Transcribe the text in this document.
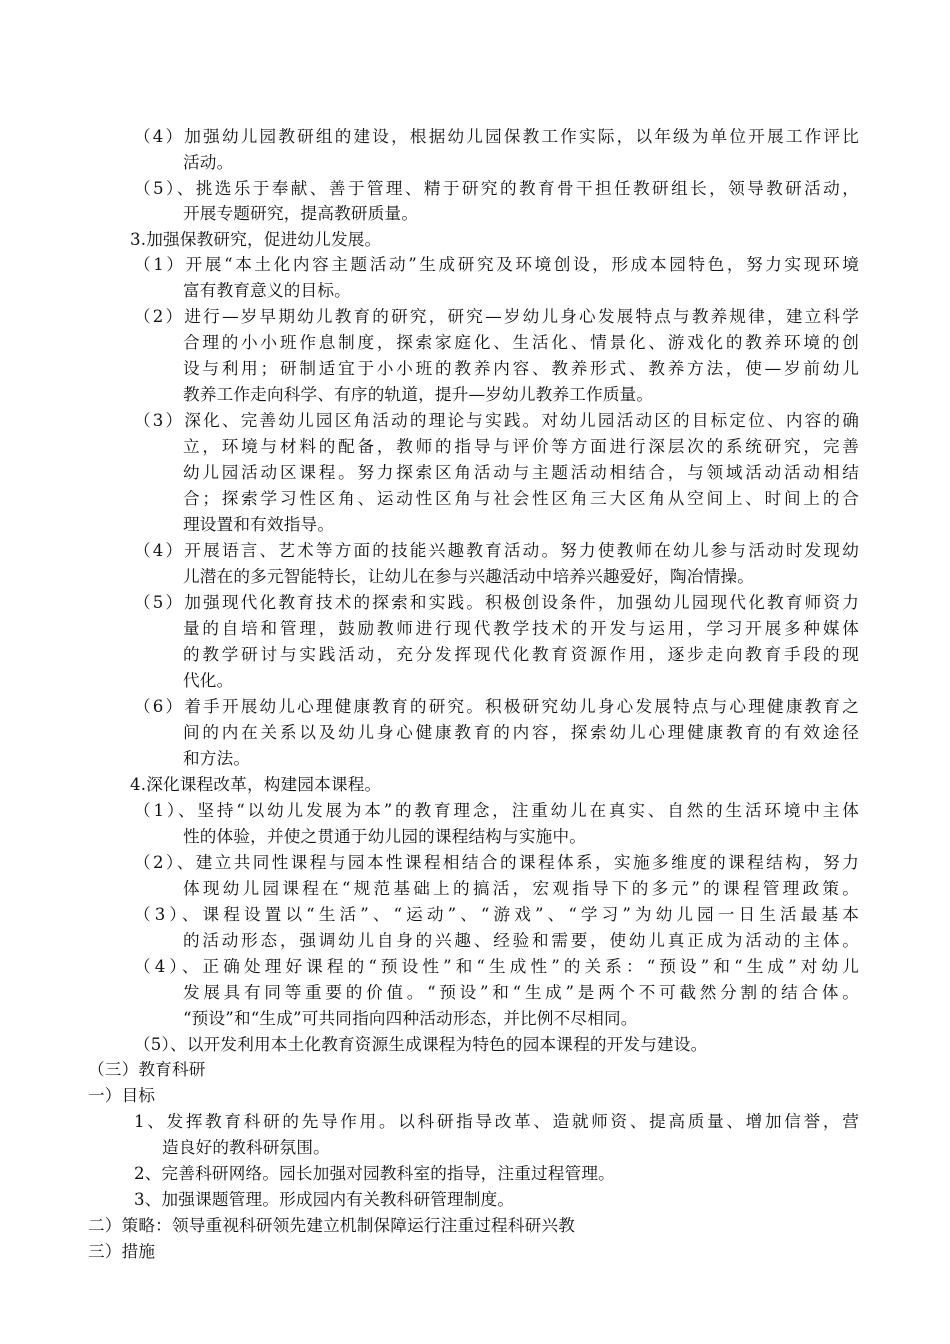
（4）加强幼儿园教研组的建设，根据幼儿园保教工作实际，以年级为单位开展工作评比
活动。
（5）、挑选乐于奉献、善于管理、精于研究的教育骨干担任教研组长，领导教研活动，
开展专题研究，提高教研质量。
3.加强保教研究，促进幼儿发展。
（1）开展“本土化内容主题活动”生成研究及环境创设，形成本园特色，努力实现环境
富有教育意义的目标。
（2）进行—岁早期幼儿教育的研究，研究—岁幼儿身心发展特点与教养规律，建立科学
合理的小小班作息制度，探索家庭化、生活化、情景化、游戏化的教养环境的创
设与利用；研制适宜于小小班的教养内容、教养形式、教养方法，使—岁前幼儿
教养工作走向科学、有序的轨道，提升—岁幼儿教养工作质量。
（3）深化、完善幼儿园区角活动的理论与实践。对幼儿园活动区的目标定位、内容的确
立，环境与材料的配备，教师的指导与评价等方面进行深层次的系统研究，完善
幼儿园活动区课程。努力探索区角活动与主题活动相结合，与领域活动活动相结
合；探索学习性区角、运动性区角与社会性区角三大区角从空间上、时间上的合
理设置和有效指导。
（4）开展语言、艺术等方面的技能兴趣教育活动。努力使教师在幼儿参与活动时发现幼
儿潜在的多元智能特长，让幼儿在参与兴趣活动中培养兴趣爱好，陶冶情操。
（5）加强现代化教育技术的探索和实践。积极创设条件，加强幼儿园现代化教育师资力
量的自培和管理，鼓励教师进行现代教学技术的开发与运用，学习开展多种媒体
的教学研讨与实践活动，充分发挥现代化教育资源作用，逐步走向教育手段的现
代化。
（6）着手开展幼儿心理健康教育的研究。积极研究幼儿身心发展特点与心理健康教育之
间的内在关系以及幼儿身心健康教育的内容，探索幼儿心理健康教育的有效途径
和方法。
4.深化课程改革，构建园本课程。
（1）、坚持“以幼儿发展为本”的教育理念，注重幼儿在真实、自然的生活环境中主体
性的体验，并使之贯通于幼儿园的课程结构与实施中。
（2）、建立共同性课程与园本性课程相结合的课程体系，实施多维度的课程结构，努力
体现幼儿园课程在“规范基础上的搞活，宏观指导下的多元”的课程管理政策。
（3）、课程设置以“生活”、“运动”、“游戏”、“学习”为幼儿园一日生活最基本
的活动形态，强调幼儿自身的兴趣、经验和需要，使幼儿真正成为活动的主体。
（4）、正确处理好课程的“预设性”和“生成性”的关系：“预设”和“生成”对幼儿
发展具有同等重要的价值。“预设”和“生成”是两个不可截然分割的结合体。
“预设”和“生成”可共同指向四种活动形态，并比例不尽相同。
（5）、以开发利用本土化教育资源生成课程为特色的园本课程的开发与建设。
（三）教育科研
一）目标
1、发挥教育科研的先导作用。以科研指导改革、造就师资、提高质量、增加信誉，营
造良好的教科研氛围。
2、完善科研网络。园长加强对园教科室的指导，注重过程管理。
3、加强课题管理。形成园内有关教科研管理制度。
二）策略：领导重视科研领先建立机制保障运行注重过程科研兴教
三）措施
